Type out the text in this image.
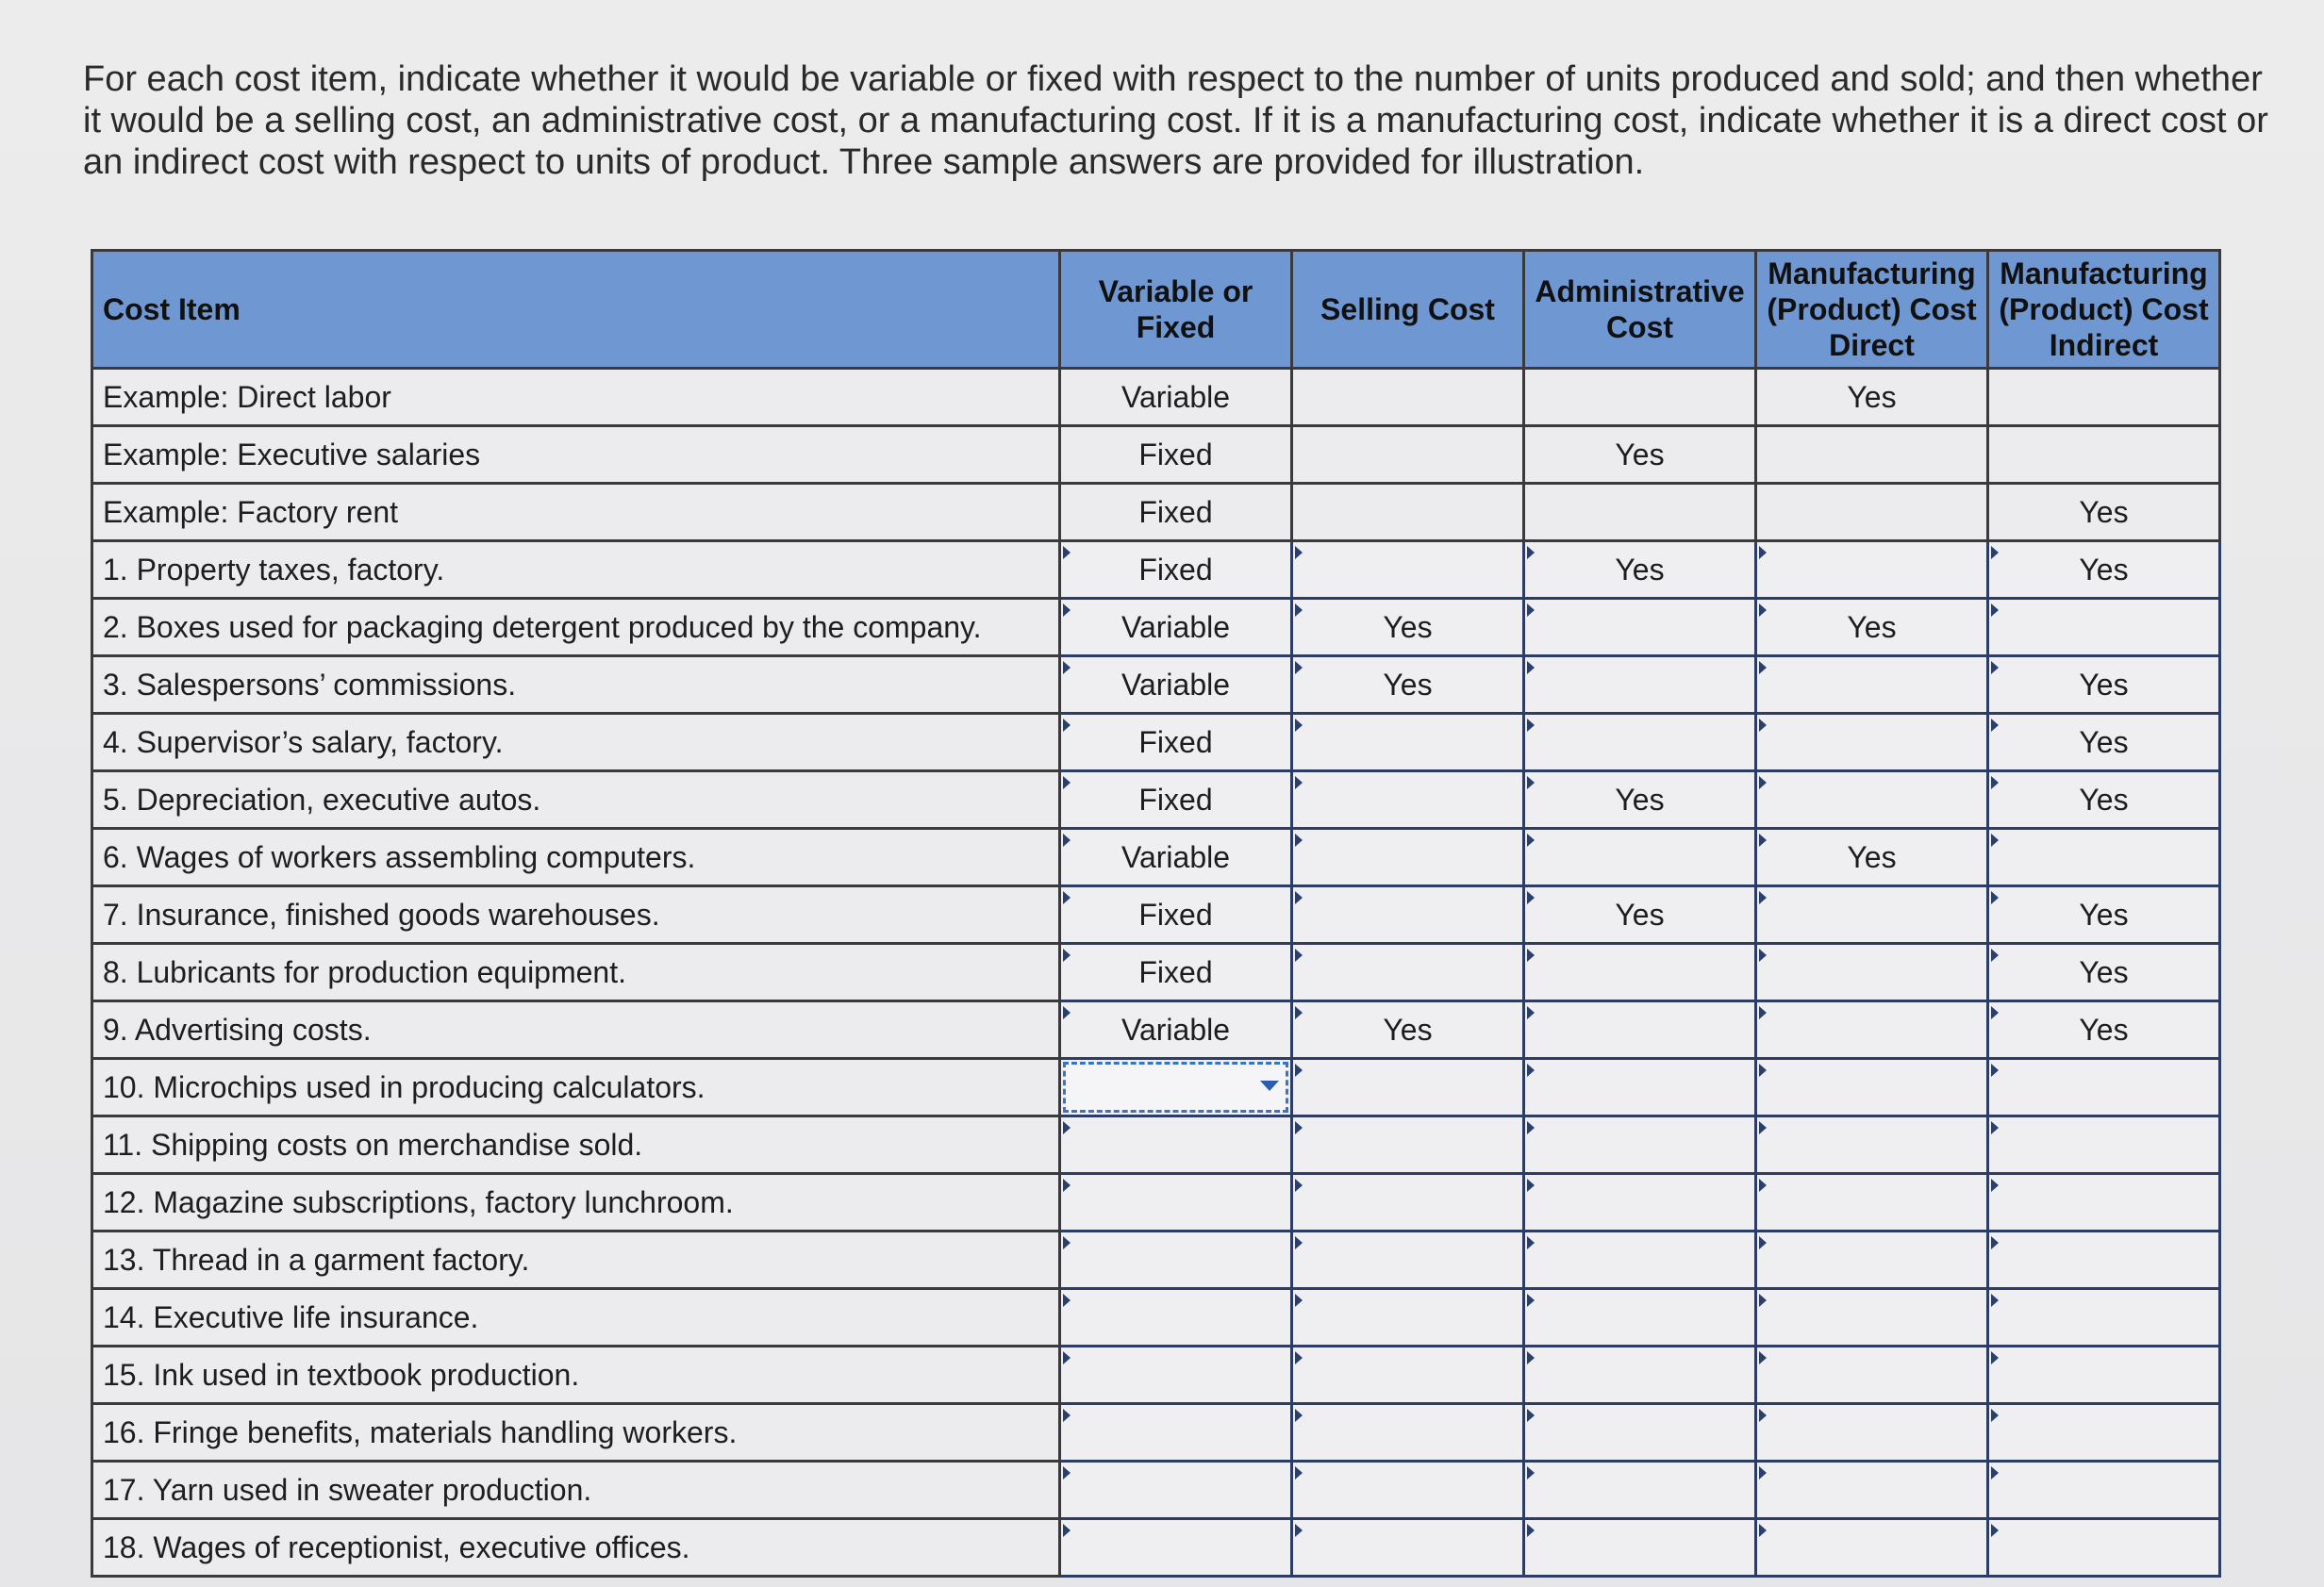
For each cost item, indicate whether it would be variable or fixed with respect to the number of units produced and sold; and then whether it would be a selling cost, an administrative cost, or a manufacturing cost. If it is a manufacturing cost, indicate whether it is a direct cost or an indirect cost with respect to units of product. Three sample answers are provided for illustration.
Cost Item	Variable or Fixed	Selling Cost	Administrative Cost	Manufacturing (Product) Cost Direct	Manufacturing (Product) Cost Indirect
Example: Direct labor	Variable			Yes	
Example: Executive salaries	Fixed		Yes		
Example: Factory rent	Fixed				Yes
1. Property taxes, factory.	Fixed		Yes		Yes
2. Boxes used for packaging detergent produced by the company.	Variable	Yes		Yes	
3. Salespersons’ commissions.	Variable	Yes			Yes
4. Supervisor’s salary, factory.	Fixed				Yes
5. Depreciation, executive autos.	Fixed		Yes		Yes
6. Wages of workers assembling computers.	Variable			Yes	
7. Insurance, finished goods warehouses.	Fixed		Yes		Yes
8. Lubricants for production equipment.	Fixed				Yes
9. Advertising costs.	Variable	Yes			Yes
10. Microchips used in producing calculators.	

11. Shipping costs on merchandise sold.					
12. Magazine subscriptions, factory lunchroom.					
13. Thread in a garment factory.					
14. Executive life insurance.					
15. Ink used in textbook production.					
16. Fringe benefits, materials handling workers.					
17. Yarn used in sweater production.					
18. Wages of receptionist, executive offices.					
